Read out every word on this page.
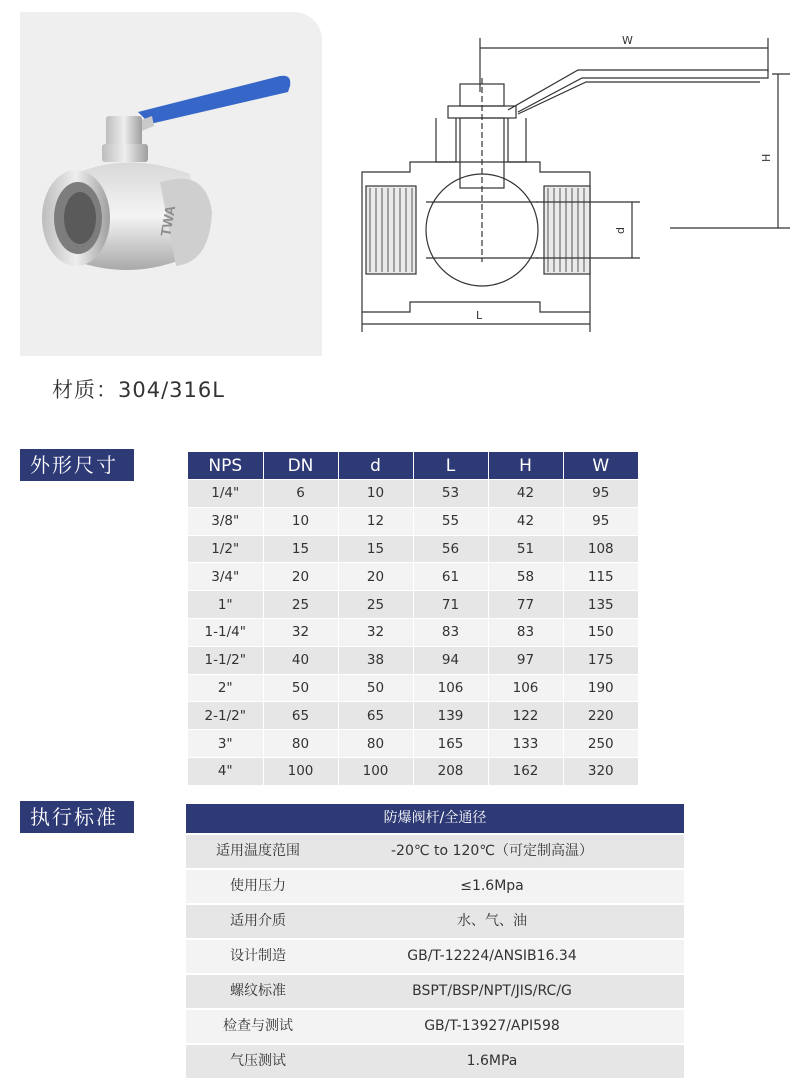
TWA
W
H
d
L
材质：304/316L
外形尺寸	NPS	DN	d	L	H	W
1/4"	6	10	53	42	95
3/8"	10	12	55	42	95
1/2"	15	15	56	51	108
3/4"	20	20	61	58	115
1"	25	25	71	77	135
1-1/4"	32	32	83	83	150
1-1/2"	40	38	94	97	175
2"	50	50	106	106	190
2-1/2"	65	65	139	122	220
3"	80	80	165	133	250
4"	100	100	208	162	320
执行标准	防爆阀杆/全通径
适用温度范围	-20℃ to 120℃（可定制高温）
使用压力	≤1.6Mpa
适用介质	水、气、油
设计制造	GB/T-12224/ANSIB16.34
螺纹标准	BSPT/BSP/NPT/JIS/RC/G
检查与测试	GB/T-13927/API598
气压测试	1.6MPa
